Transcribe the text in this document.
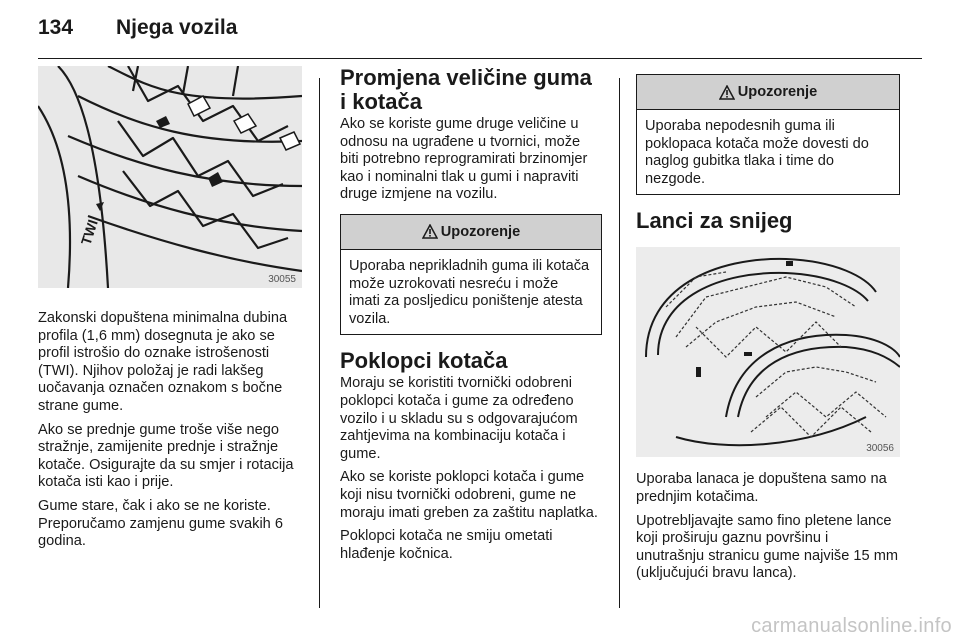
134 Njega vozila
TWI
30055

Zakonski dopuštena minimalna dubina profila (1,6 mm) dosegnuta je ako se profil istrošio do oznake istrošenosti (TWI). Njihov položaj je radi lakšeg uočavanja označen oznakom s bočne strane gume.

Ako se prednje gume troše više nego stražnje, zamijenite prednje i stražnje kotače. Osigurajte da su smjer i rotacija kotača isti kao i prije.

Gume stare, čak i ako se ne koriste. Preporučamo zamjenu gume svakih 6 godina.

Promjena veličine guma i kotača

Ako se koriste gume druge veličine u odnosu na ugrađene u tvornici, može biti potrebno reprogramirati brzinomjer kao i nominalni tlak u gumi i napraviti druge izmjene na vozilu.

Upozorenje
Uporaba neprikladnih guma ili kotača može uzrokovati nesreću i može imati za posljedicu poništenje atesta vozila.
Poklopci kotača

Moraju se koristiti tvornički odobreni poklopci kotača i gume za određeno vozilo i u skladu su s odgovarajućom zahtjevima na kombinaciju kotača i gume.

Ako se koriste poklopci kotača i gume koji nisu tvornički odobreni, gume ne moraju imati greben za zaštitu naplatka.

Poklopci kotača ne smiju ometati hlađenje kočnica.

Upozorenje
Uporaba nepodesnih guma ili poklopaca kotača može dovesti do naglog gubitka tlaka i time do nezgode.
Lanci za snijeg
30056

Uporaba lanaca je dopuštena samo na prednjim kotačima.

Upotrebljavajte samo fino pletene lance koji proširuju gaznu površinu i unutrašnju stranicu gume najviše 15 mm (uključujući bravu lanca).

carmanualsonline.info
